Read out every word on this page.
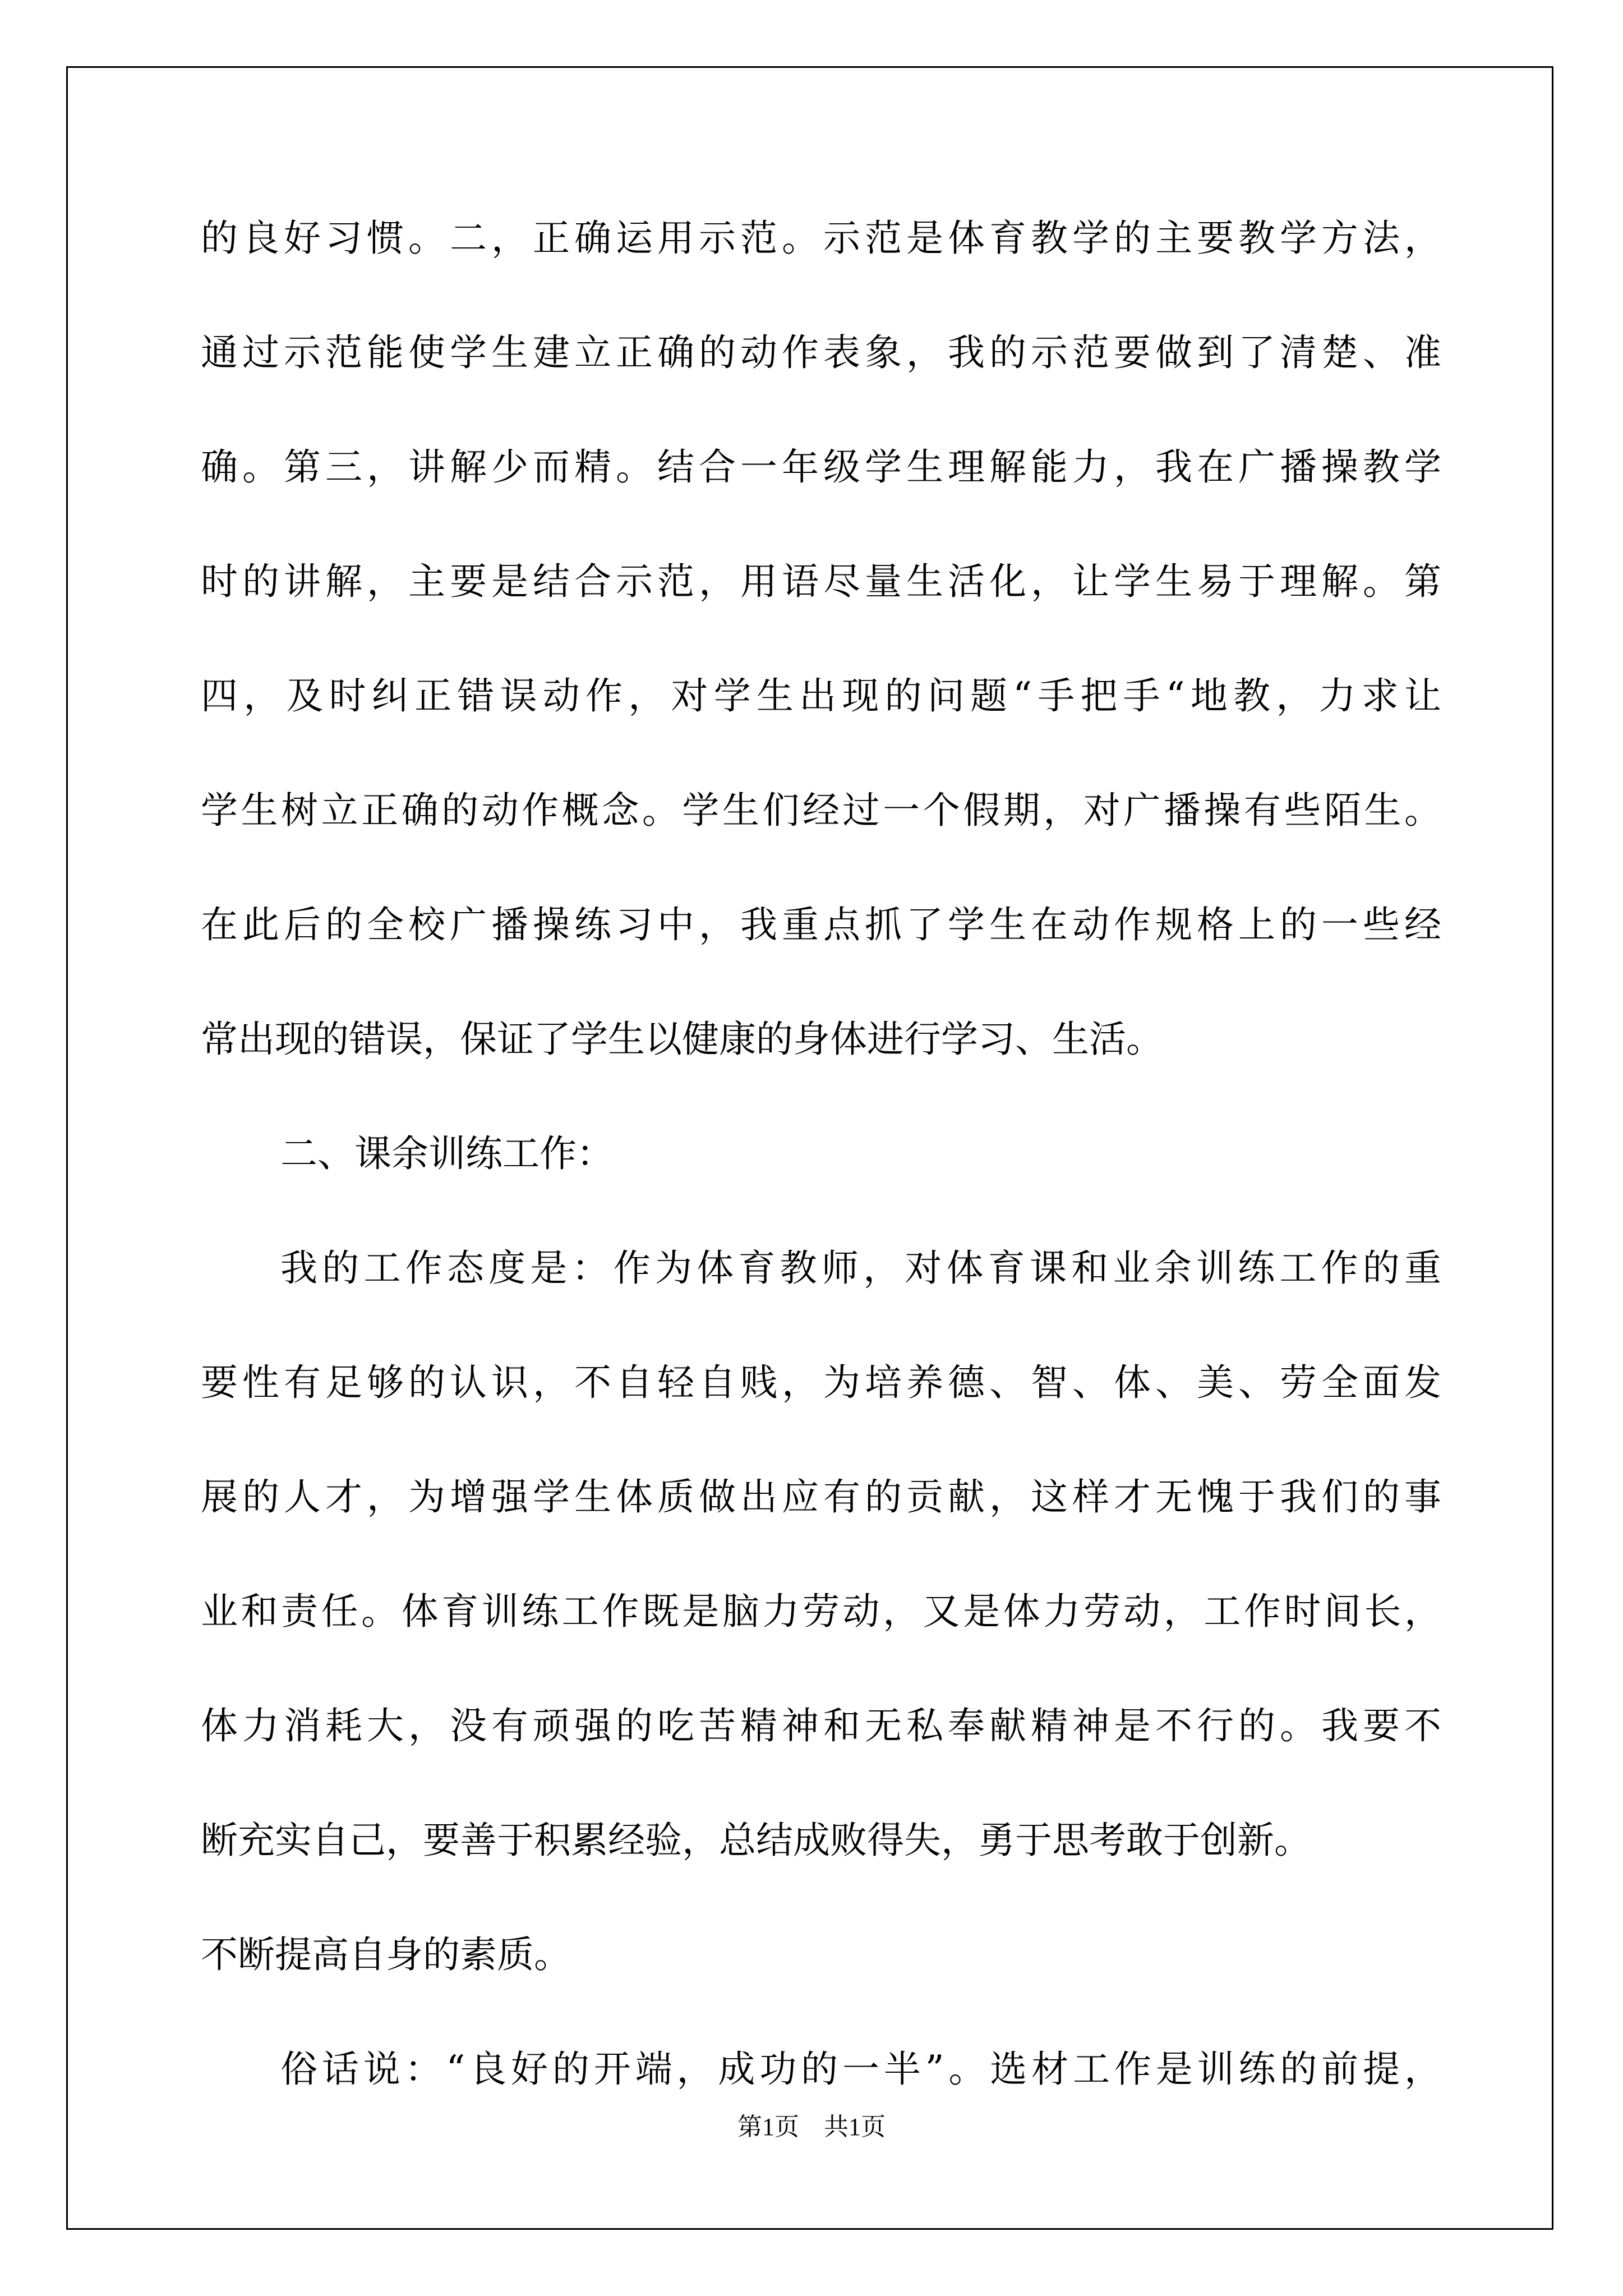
的良好习惯。二，正确运用示范。示范是体育教学的主要教学方法，

通过示范能使学生建立正确的动作表象，我的示范要做到了清楚、准

确。第三，讲解少而精。结合一年级学生理解能力，我在广播操教学

时的讲解，主要是结合示范，用语尽量生活化，让学生易于理解。第

四，及时纠正错误动作，对学生出现的问题“手把手“地教，力求让

学生树立正确的动作概念。学生们经过一个假期，对广播操有些陌生。

在此后的全校广播操练习中，我重点抓了学生在动作规格上的一些经

常出现的错误，保证了学生以健康的身体进行学习、生活。

二、课余训练工作：

我的工作态度是：作为体育教师，对体育课和业余训练工作的重

要性有足够的认识，不自轻自贱，为培养德、智、体、美、劳全面发

展的人才，为增强学生体质做出应有的贡献，这样才无愧于我们的事

业和责任。体育训练工作既是脑力劳动，又是体力劳动，工作时间长，

体力消耗大，没有顽强的吃苦精神和无私奉献精神是不行的。我要不

断充实自己，要善于积累经验，总结成败得失，勇于思考敢于创新。

不断提高自身的素质。

俗话说：“良好的开端，成功的一半”。选材工作是训练的前提，

第1页　共1页
